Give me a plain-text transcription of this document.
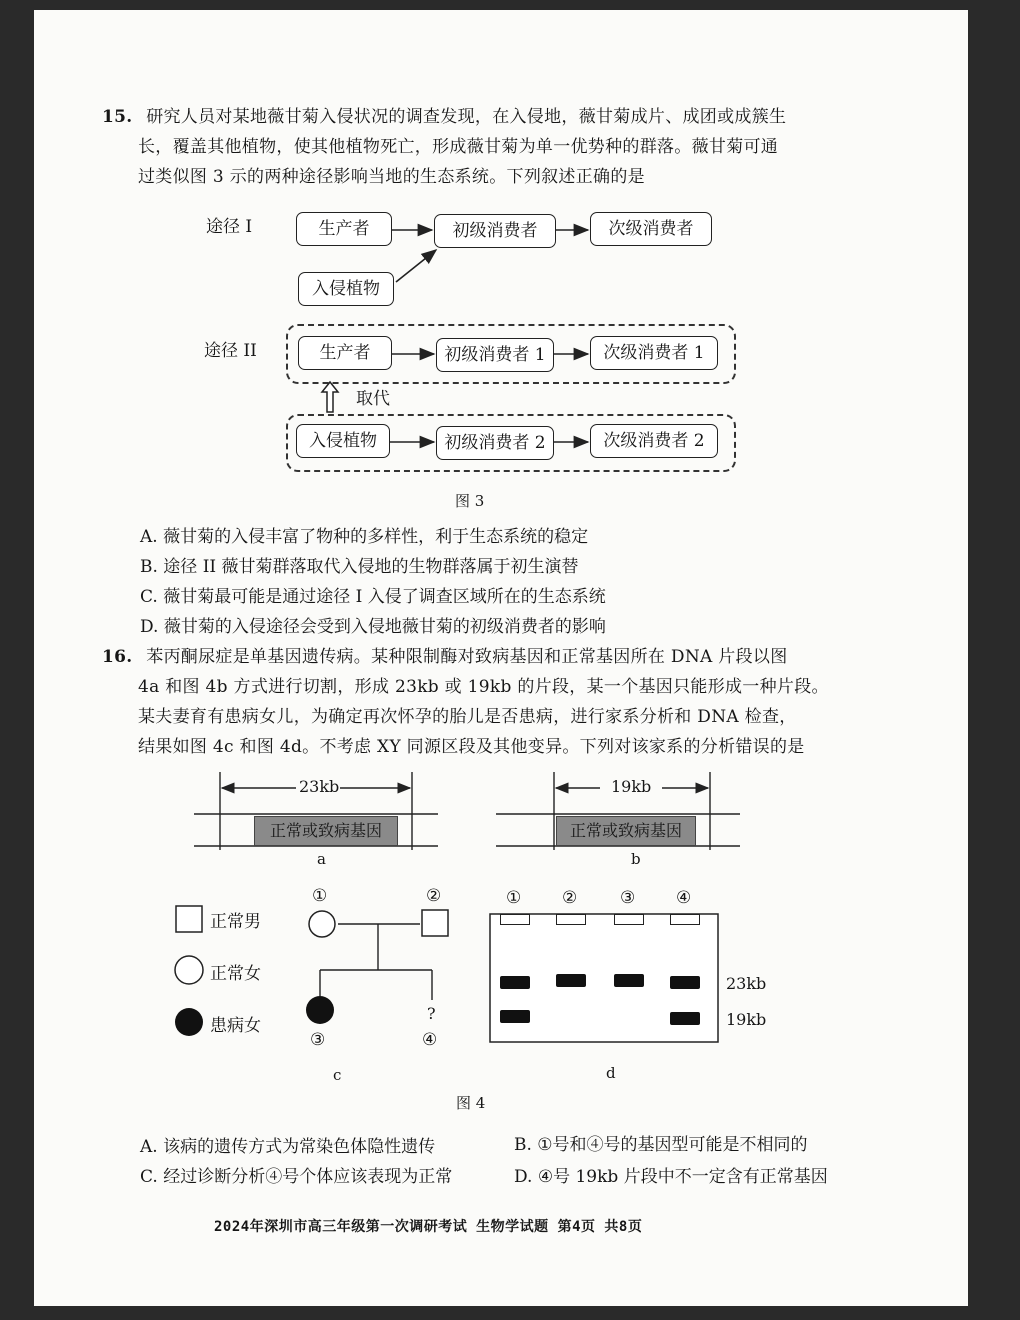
15. 研究人员对某地薇甘菊入侵状况的调查发现，在入侵地，薇甘菊成片、成团或成簇生
长，覆盖其他植物，使其他植物死亡，形成薇甘菊为单一优势种的群落。薇甘菊可通
过类似图 3 示的两种途径影响当地的生态系统。下列叙述正确的是
途径 I	生产者	初级消费者	次级消费者
入侵植物
途径 II	生产者	初级消费者 1	次级消费者 1
取代
入侵植物	初级消费者 2	次级消费者 2
图 3
A. 薇甘菊的入侵丰富了物种的多样性，利于生态系统的稳定
B. 途径 II 薇甘菊群落取代入侵地的生物群落属于初生演替
C. 薇甘菊最可能是通过途径 I 入侵了调查区域所在的生态系统
D. 薇甘菊的入侵途径会受到入侵地薇甘菊的初级消费者的影响
16. 苯丙酮尿症是单基因遗传病。某种限制酶对致病基因和正常基因所在 DNA 片段以图
4a 和图 4b 方式进行切割，形成 23kb 或 19kb 的片段，某一个基因只能形成一种片段。
某夫妻育有患病女儿，为确定再次怀孕的胎儿是否患病，进行家系分析和 DNA 检查，
结果如图 4c 和图 4d。不考虑 XY 同源区段及其他变异。下列对该家系的分析错误的是
23kb	19kb
正常或致病基因	正常或致病基因
a	b
正常男
正常女
患病女
①	②
③	④
?
c
① ②	③ ④
23kb
19kb
d
图 4
A. 该病的遗传方式为常染色体隐性遗传	B. ①号和④号的基因型可能是不相同的
C. 经过诊断分析④号个体应该表现为正常	D. ④号 19kb 片段中不一定含有正常基因
2024年深圳市高三年级第一次调研考试 生物学试题 第4页 共8页
